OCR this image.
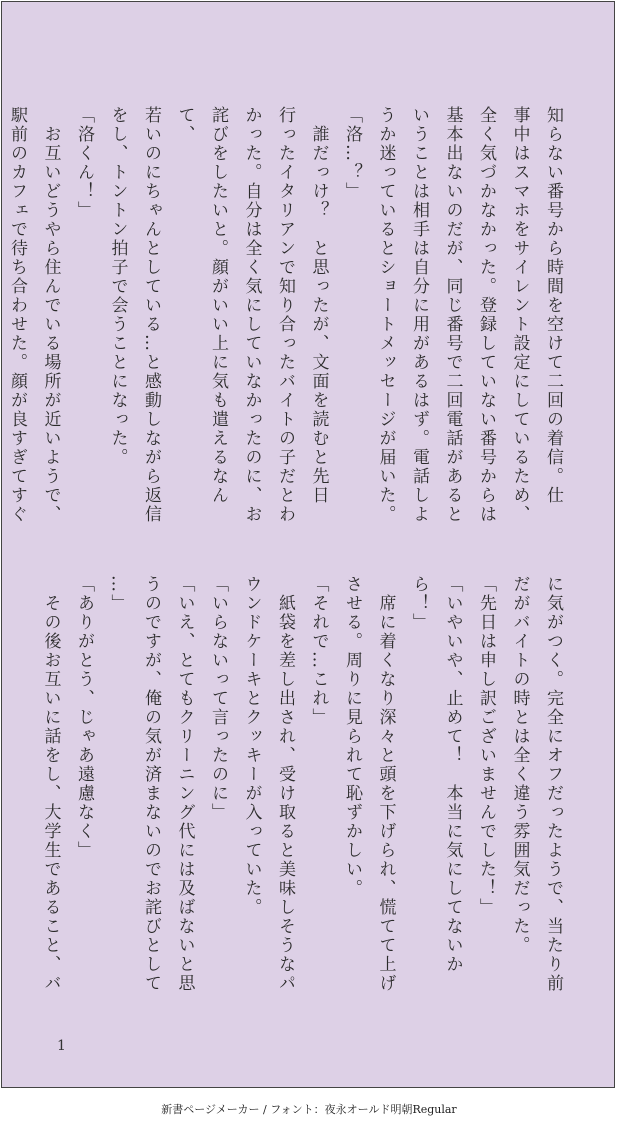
知らない番号から時間を空けて二回の着信。仕

事中はスマホをサイレント設定にしているため、

全く気づかなかった。登録していない番号からは

基本出ないのだが、同じ番号で二回電話があると

いうことは相手は自分に用があるはず。電話しよ

うか迷っているとショートメッセージが届いた。

「洛…？」

　誰だっけ？　と思ったが、文面を読むと先日

行ったイタリアンで知り合ったバイトの子だとわ

かった。自分は全く気にしていなかったのに、お

詫びをしたいと。顔がいい上に気も遣えるなんて、

若いのにちゃんとしている…と感動しながら返信

をし、トントン拍子で会うことになった。

「洛くん！」

　お互いどうやら住んでいる場所が近いようで、

駅前のカフェで待ち合わせた。顔が良すぎてすぐ

に気がつく。完全にオフだったようで、当たり前

だがバイトの時とは全く違う雰囲気だった。

「先日は申し訳ございませんでした！」

「いやいや、止めて！　本当に気にしてないか

ら！」

　席に着くなり深々と頭を下げられ、慌てて上げ

させる。周りに見られて恥ずかしい。

「それで…これ」

　紙袋を差し出され、受け取ると美味しそうなパ

ウンドケーキとクッキーが入っていた。

「いらないって言ったのに」

「いえ、とてもクリーニング代には及ばないと思

うのですが、俺の気が済まないのでお詫びとして

…」

「ありがとう、じゃあ遠慮なく」

　その後お互いに話をし、大学生であること、バ

1
新書ページメーカー / フォント：夜永オールド明朝Regular
